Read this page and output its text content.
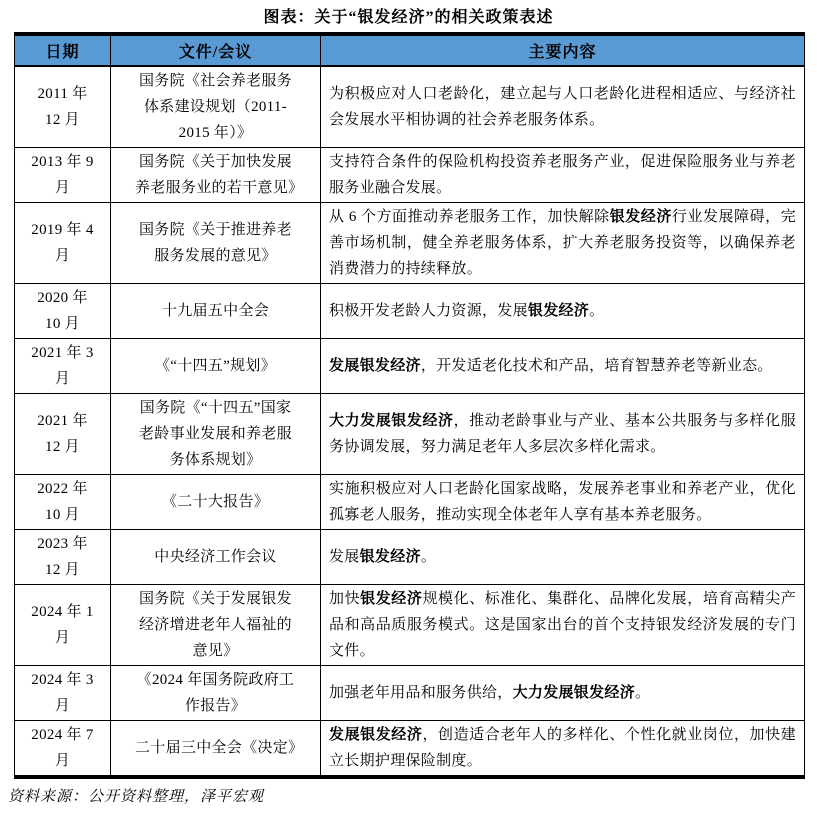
图表：关于“银发经济”的相关政策表述
日期	文件/会议	主要内容
2011 年
12 月	国务院《社会养老服务体系建设规划（2011-2015 年）》	为积极应对人口老龄化，建立起与人口老龄化进程相适应、与经济社会发展水平相协调的社会养老服务体系。
2013 年 9
月	国务院《关于加快发展养老服务业的若干意见》	支持符合条件的保险机构投资养老服务产业，促进保险服务业与养老服务业融合发展。
2019 年 4
月	国务院《关于推进养老服务发展的意见》	从 6 个方面推动养老服务工作，加快解除银发经济行业发展障碍，完善市场机制，健全养老服务体系，扩大养老服务投资等，以确保养老消费潜力的持续释放。
2020 年
10 月	十九届五中全会	积极开发老龄人力资源，发展银发经济。
2021 年 3
月	《“十四五”规划》	发展银发经济，开发适老化技术和产品，培育智慧养老等新业态。
2021 年
12 月	国务院《“十四五”国家老龄事业发展和养老服务体系规划》	大力发展银发经济，推动老龄事业与产业、基本公共服务与多样化服务协调发展，努力满足老年人多层次多样化需求。
2022 年
10 月	《二十大报告》	实施积极应对人口老龄化国家战略，发展养老事业和养老产业，优化孤寡老人服务，推动实现全体老年人享有基本养老服务。
2023 年
12 月	中央经济工作会议	发展银发经济。
2024 年 1
月	国务院《关于发展银发经济增进老年人福祉的意见》	加快银发经济规模化、标准化、集群化、品牌化发展，培育高精尖产品和高品质服务模式。这是国家出台的首个支持银发经济发展的专门文件。
2024 年 3
月	《2024 年国务院政府工作报告》	加强老年用品和服务供给，大力发展银发经济。
2024 年 7
月	二十届三中全会《决定》	发展银发经济，创造适合老年人的多样化、个性化就业岗位，加快建立长期护理保险制度。
资料来源：公开资料整理，泽平宏观
